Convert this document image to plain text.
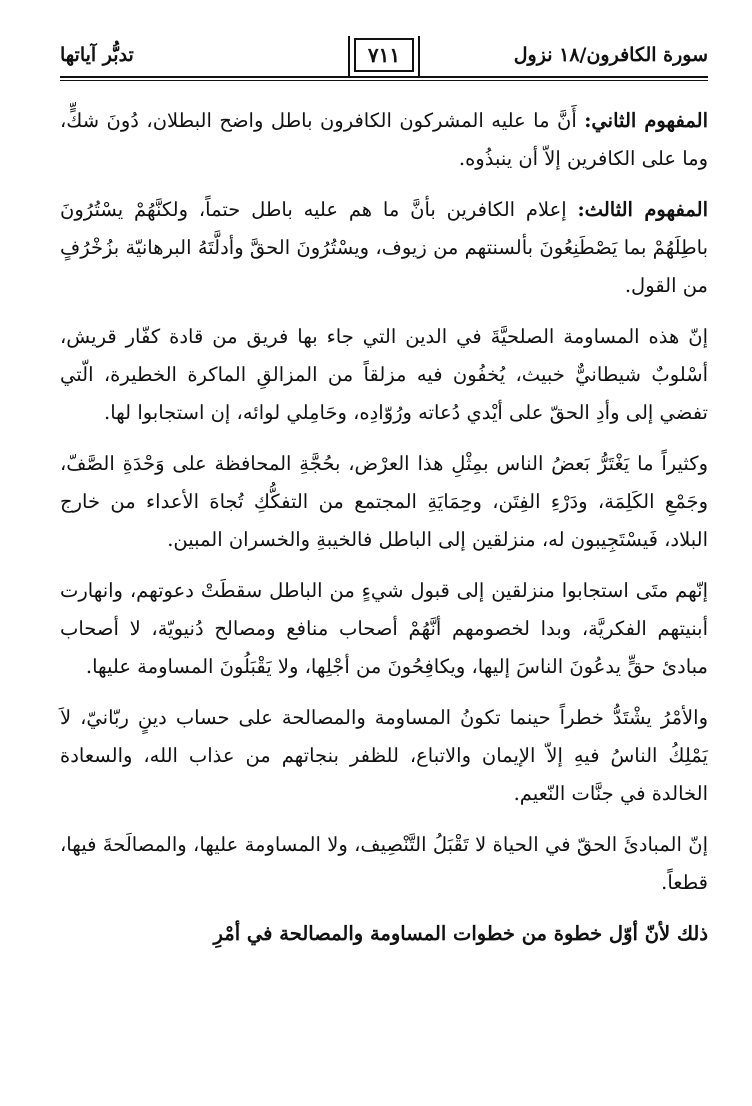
سورة الكافرون/١٨ نزول
٧١١
تدبُّر آياتها

المفهوم الثاني: أَنَّ ما عليه المشركون الكافرون باطل واضح البطلان، دُونَ شكٍّ، وما على الكافرين إلاّ أن ينبذُوه.

المفهوم الثالث: إعلام الكافرين بأنَّ ما هم عليه باطل حتماً، ولكنَّهُمْ يسْتُرُونَ باطِلَهُمْ بما يَصْطَنِعُونَ بألسنتهم من زيوف، ويسْتُرُونَ الحقَّ وأدلَّتَهُ البرهانيّة بزُخْرُفٍ من القول.

إنّ هذه المساومة الصلحيَّةَ في الدين التي جاء بها فريق من قادة كفّار قريش، أسْلوبٌ شيطانيٌّ خبيث، يُخفُون فيه مزلقاً من المزالقِ الماكرة الخطيرة، الّتي تفضي إلى وأدِ الحقّ على أيْدي دُعاته ورُوّادِه، وحَامِلي لوائه، إن استجابوا لها.

وكثيراً ما يَغْتَرُّ بَعضُ الناس بمِثْلِ هذا العرْض، بحُجَّةِ المحافظة على وَحْدَةِ الصَّفّ، وجَمْعِ الكَلِمَة، ودَرْءِ الفِتَن، وحِمَايَةِ المجتمع من التفكُّكِ تُجاهَ الأعداء من خارج البلاد، فَيسْتَجِيبون له، منزلقين إلى الباطل فالخيبةِ والخسران المبين.

إنّهم متَى استجابوا منزلقين إلى قبول شيءٍ من الباطل سقطَتْ دعوتهم، وانهارت أبنيتهم الفكريَّة، وبدا لخصومهم أنَّهُمْ أصحاب منافع ومصالح دُنيويّة، لا أصحاب مبادئ حقٍّ يدعُونَ الناسَ إليها، ويكافِحُونَ من أجْلِها، ولا يَقْبَلُونَ المساومة عليها.

والأمْرُ يشْتَدُّ خطراً حينما تكونُ المساومة والمصالحة على حساب دينٍ ربّانيّ، لاَ يَمْلِكُ الناسُ فيهِ إلاّ الإيمان والاتباع، للظفر بنجاتهم من عذاب الله، والسعادة الخالدة في جنَّات النّعيم.

إنّ المبادئَ الحقّ في الحياة لا تَقْبَلُ التَّنْصِيف، ولا المساومة عليها، والمصالَحةَ فيها، قطعاً.

ذلك لأنّ أوّل خطوة من خطوات المساومة والمصالحة في أمْرِ
